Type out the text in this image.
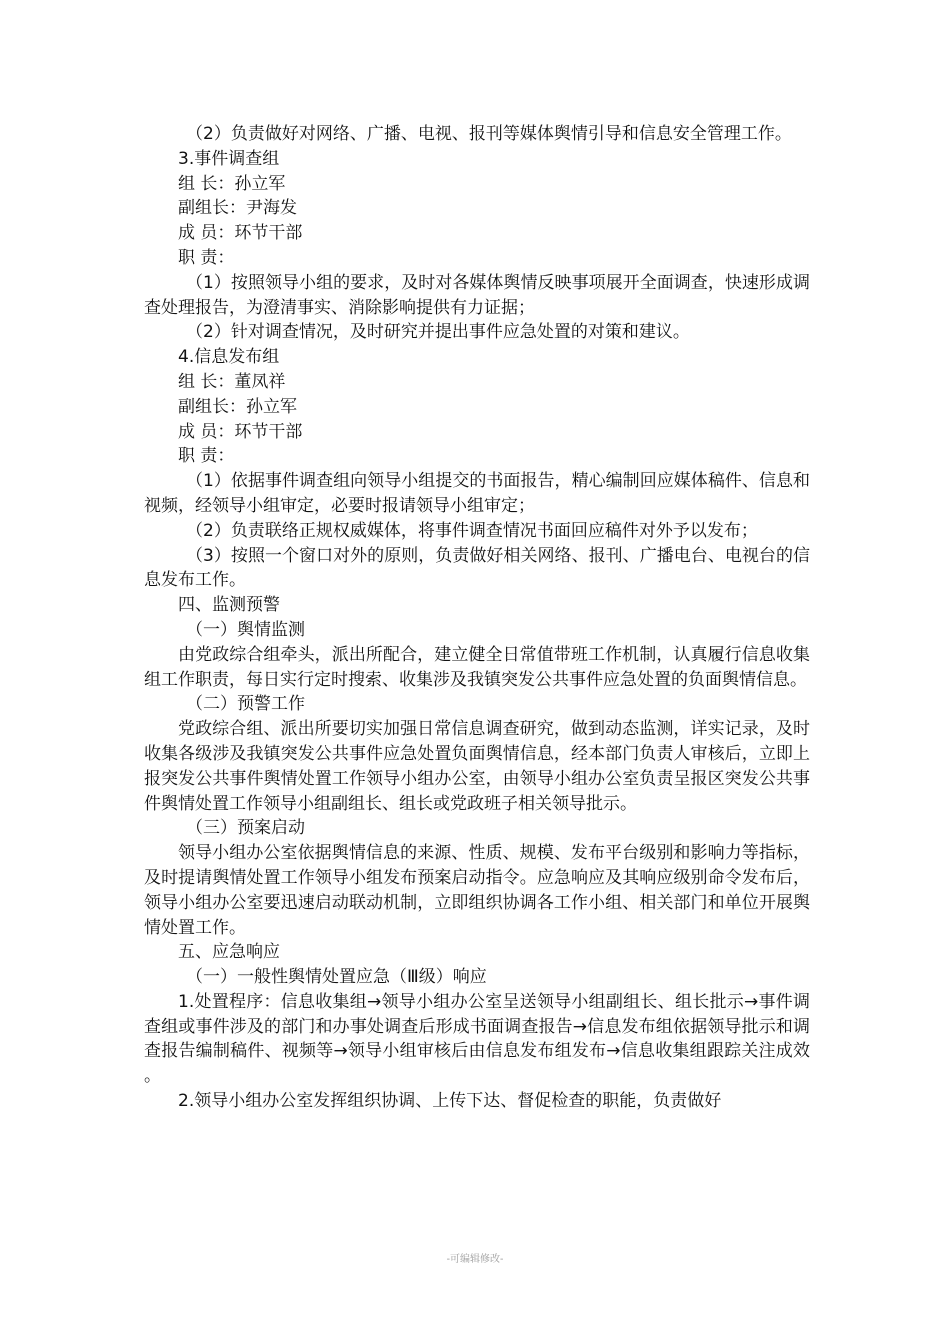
（2）负责做好对网络、广播、电视、报刊等媒体舆情引导和信息安全管理工作。

3.事件调查组

组 长：孙立军

副组长：尹海发

成 员：环节干部

职 责：

（1）按照领导小组的要求，及时对各媒体舆情反映事项展开全面调查，快速形成调查处理报告，为澄清事实、消除影响提供有力证据；

（2）针对调查情况，及时研究并提出事件应急处置的对策和建议。

4.信息发布组

组 长：董凤祥

副组长：孙立军

成 员：环节干部

职 责：

（1）依据事件调查组向领导小组提交的书面报告，精心编制回应媒体稿件、信息和视频，经领导小组审定，必要时报请领导小组审定；

（2）负责联络正规权威媒体，将事件调查情况书面回应稿件对外予以发布；

（3）按照一个窗口对外的原则，负责做好相关网络、报刊、广播电台、电视台的信息发布工作。

四、监测预警

（一）舆情监测

由党政综合组牵头，派出所配合，建立健全日常值带班工作机制，认真履行信息收集组工作职责，每日实行定时搜索、收集涉及我镇突发公共事件应急处置的负面舆情信息。

（二）预警工作

党政综合组、派出所要切实加强日常信息调查研究，做到动态监测，详实记录，及时收集各级涉及我镇突发公共事件应急处置负面舆情信息，经本部门负责人审核后，立即上报突发公共事件舆情处置工作领导小组办公室，由领导小组办公室负责呈报区突发公共事件舆情处置工作领导小组副组长、组长或党政班子相关领导批示。

（三）预案启动

领导小组办公室依据舆情信息的来源、性质、规模、发布平台级别和影响力等指标，及时提请舆情处置工作领导小组发布预案启动指令。应急响应及其响应级别命令发布后，领导小组办公室要迅速启动联动机制，立即组织协调各工作小组、相关部门和单位开展舆情处置工作。

五、应急响应

（一）一般性舆情处置应急（Ⅲ级）响应

1.处置程序：信息收集组→领导小组办公室呈送领导小组副组长、组长批示→事件调查组或事件涉及的部门和办事处调查后形成书面调查报告→信息发布组依据领导批示和调查报告编制稿件、视频等→领导小组审核后由信息发布组发布→信息收集组跟踪关注成效。

2.领导小组办公室发挥组织协调、上传下达、督促检查的职能，负责做好

-可编辑修改-
